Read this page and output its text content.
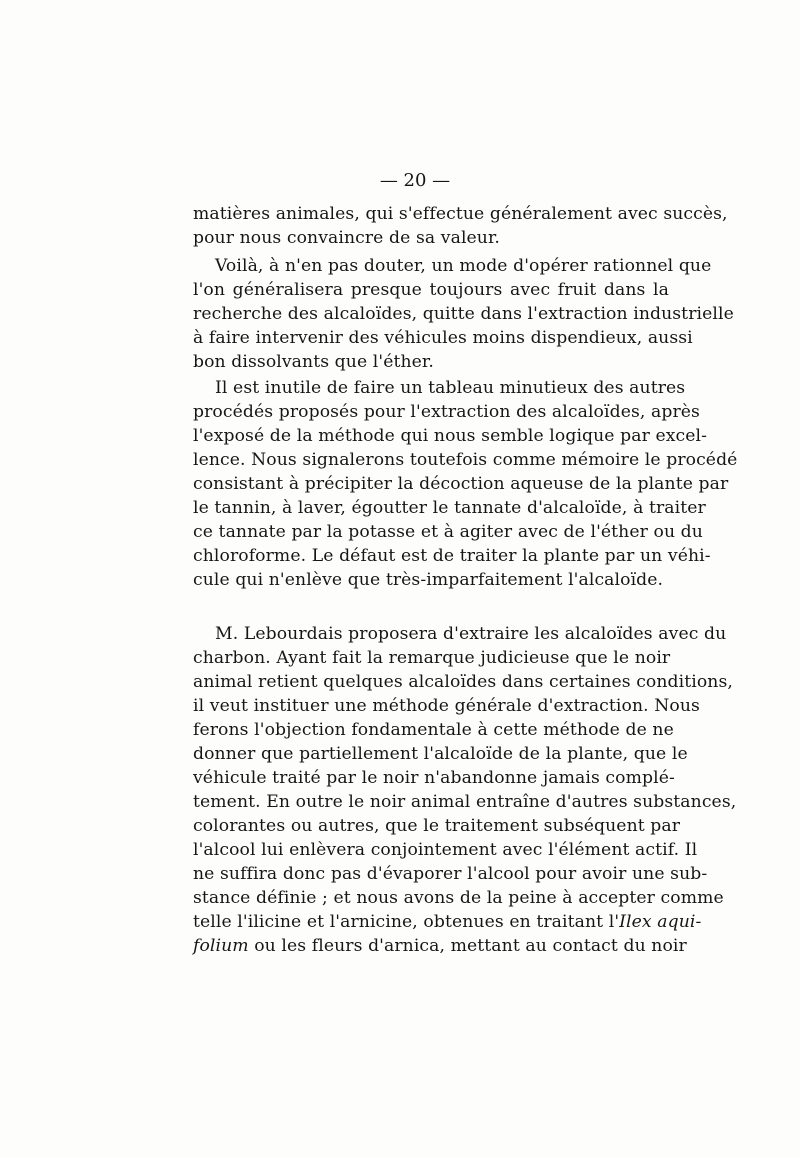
— 20 —
matières animales, qui s'effectue généralement avec succès,
pour nous convaincre de sa valeur.
Voilà, à n'en pas douter, un mode d'opérer rationnel que
l'on généralisera presque toujours avec fruit dans la
recherche des alcaloïdes, quitte dans l'extraction industrielle
à faire intervenir des véhicules moins dispendieux, aussi
bon dissolvants que l'éther.
Il est inutile de faire un tableau minutieux des autres
procédés proposés pour l'extraction des alcaloïdes, après
l'exposé de la méthode qui nous semble logique par excel-
lence. Nous signalerons toutefois comme mémoire le procédé
consistant à précipiter la décoction aqueuse de la plante par
le tannin, à laver, égoutter le tannate d'alcaloïde, à traiter
ce tannate par la potasse et à agiter avec de l'éther ou du
chloroforme. Le défaut est de traiter la plante par un véhi-
cule qui n'enlève que très-imparfaitement l'alcaloïde.
M. Lebourdais proposera d'extraire les alcaloïdes avec du
charbon. Ayant fait la remarque judicieuse que le noir
animal retient quelques alcaloïdes dans certaines conditions,
il veut instituer une méthode générale d'extraction. Nous
ferons l'objection fondamentale à cette méthode de ne
donner que partiellement l'alcaloïde de la plante, que le
véhicule traité par le noir n'abandonne jamais complé-
tement. En outre le noir animal entraîne d'autres substances,
colorantes ou autres, que le traitement subséquent par
l'alcool lui enlèvera conjointement avec l'élément actif. Il
ne suffira donc pas d'évaporer l'alcool pour avoir une sub-
stance définie ; et nous avons de la peine à accepter comme
telle l'ilicine et l'arnicine, obtenues en traitant l'Ilex aqui-
folium ou les fleurs d'arnica, mettant au contact du noir
